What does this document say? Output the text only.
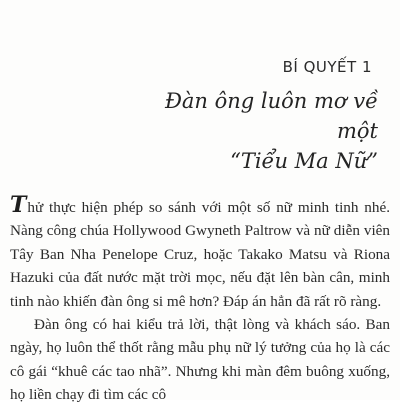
BÍ QUYẾT 1
Đàn ông luôn mơ về một
“Tiểu Ma Nữ”

Thử thực hiện phép so sánh với một số nữ minh tinh nhé. Nàng công chúa Hollywood Gwyneth Paltrow và nữ diễn viên Tây Ban Nha Penelope Cruz, hoặc Takako Matsu và Riona Hazuki của đất nước mặt trời mọc, nếu đặt lên bàn cân, minh tinh nào khiến đàn ông si mê hơn? Đáp án hẳn đã rất rõ ràng.

Đàn ông có hai kiểu trả lời, thật lòng và khách sáo. Ban ngày, họ luôn thể thốt rằng mẫu phụ nữ lý tưởng của họ là các cô gái “khuê các tao nhã”. Nhưng khi màn đêm buông xuống, họ liền chạy đi tìm các cô
